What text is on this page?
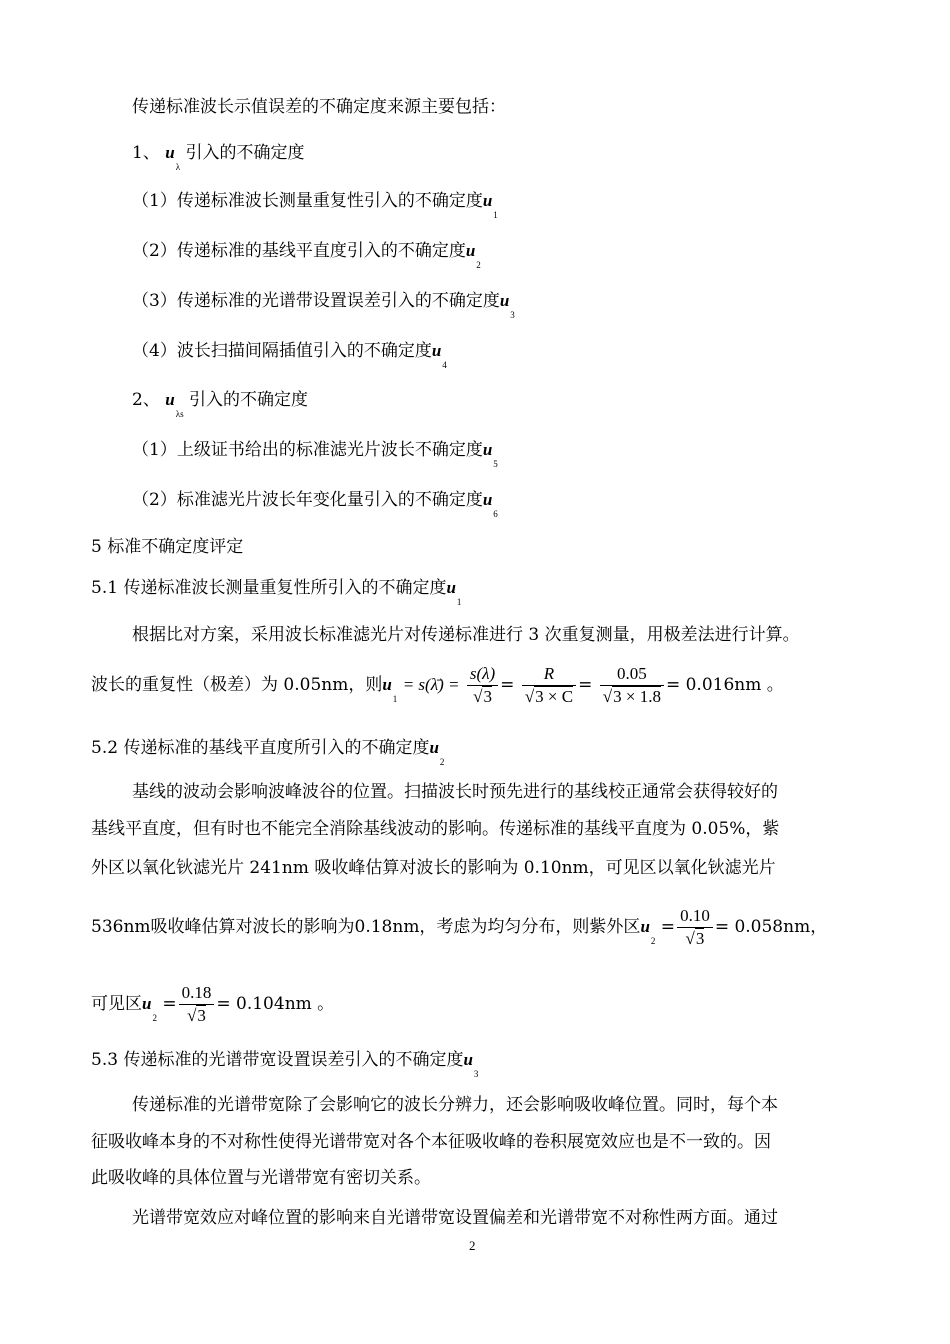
传递标准波长示值误差的不确定度来源主要包括：
1、 $u_\lambda$ 引入的不确定度
（1）传递标准波长测量重复性引入的不确定度$u_1$
（2）传递标准的基线平直度引入的不确定度$u_2$
（3）传递标准的光谱带设置误差引入的不确定度$u_3$
（4）波长扫描间隔插值引入的不确定度$u_4$
2、 $u_{\lambda s}$ 引入的不确定度
（1）上级证书给出的标准滤光片波长不确定度$u_5$
（2）标准滤光片波长年变化量引入的不确定度$u_6$
5 标准不确定度评定
5.1 传递标准波长测量重复性所引入的不确定度$u_1$
根据比对方案，采用波长标准滤光片对传递标准进行 3 次重复测量，用极差法进行计算。
波长的重复性（极差）为 0.05nm，则$u_1$ = s(λ̄) = $\frac{s(\lambda)}{√3} = \frac{R}{√3 \times C} = \frac{0.05}{√3 \times 1.8} = 0.016nm$ 。
5.2 传递标准的基线平直度所引入的不确定度$u_2$
基线的波动会影响波峰波谷的位置。扫描波长时预先进行的基线校正通常会获得较好的
基线平直度，但有时也不能完全消除基线波动的影响。传递标准的基线平直度为 0.05%，紫
外区以氧化钬滤光片 241nm 吸收峰估算对波长的影响为 0.10nm，可见区以氧化钬滤光片
536nm吸收峰估算对波长的影响为0.18nm，考虑为均匀分布，则紫外区$u_2 = \frac{0.10}{√3} = 0.058nm$，
可见区$u_2 = \frac{0.18}{√3} = 0.104nm$ 。
5.3 传递标准的光谱带宽设置误差引入的不确定度$u_3$
传递标准的光谱带宽除了会影响它的波长分辨力，还会影响吸收峰位置。同时，每个本
征吸收峰本身的不对称性使得光谱带宽对各个本征吸收峰的卷积展宽效应也是不一致的。因
此吸收峰的具体位置与光谱带宽有密切关系。
光谱带宽效应对峰位置的影响来自光谱带宽设置偏差和光谱带宽不对称性两方面。通过
2
